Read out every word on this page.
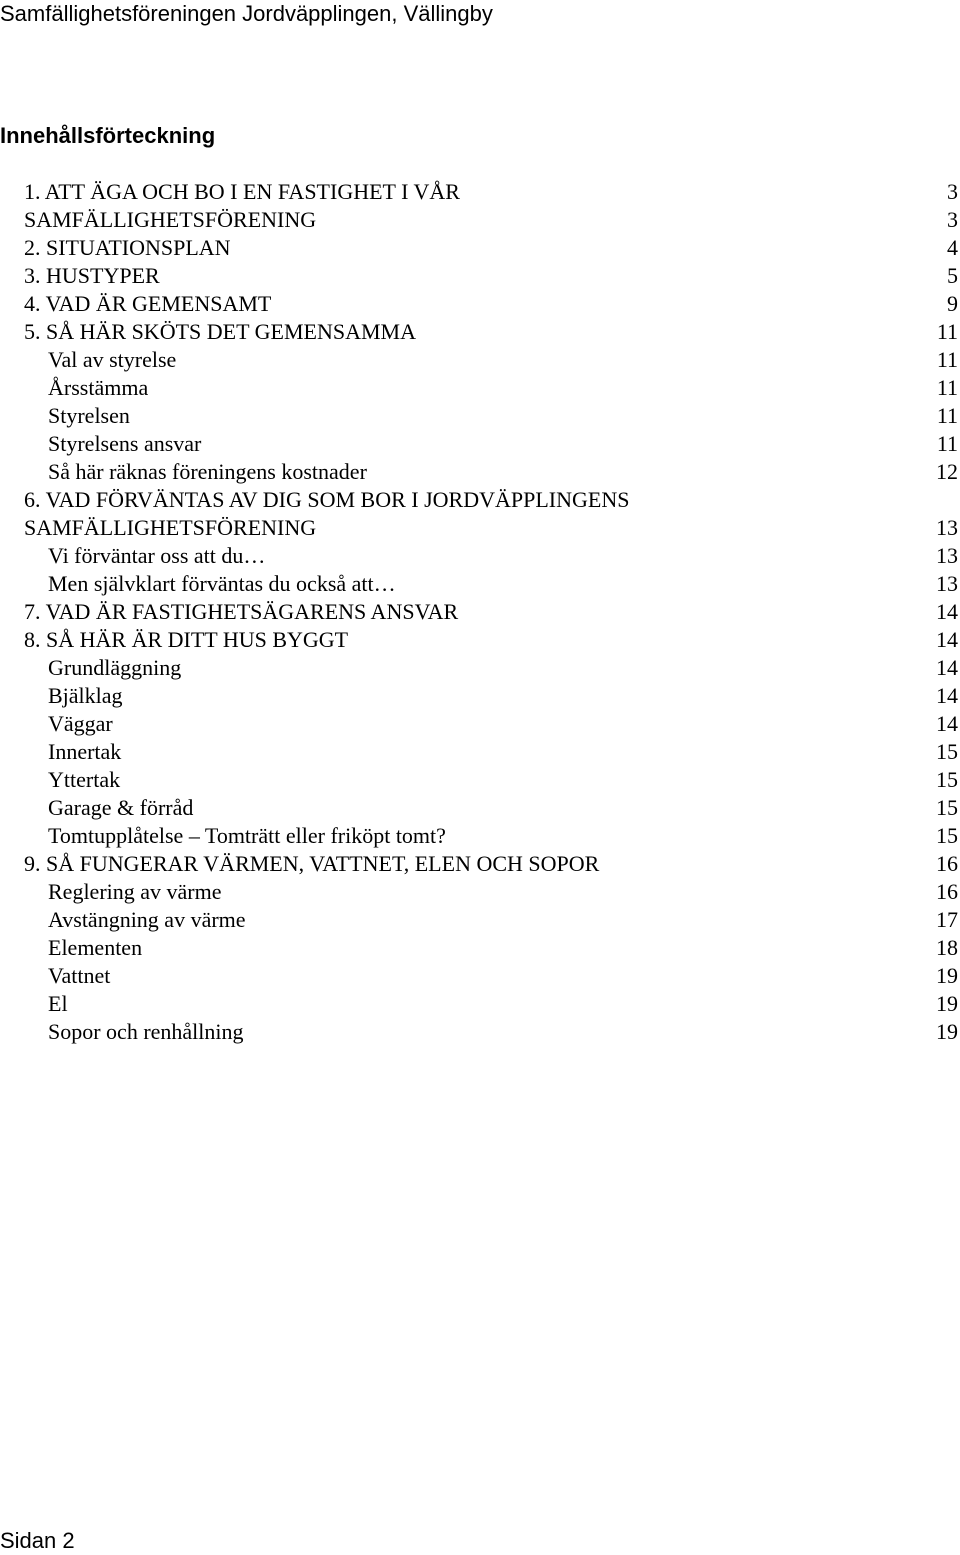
Samfällighetsföreningen Jordväpplingen, Vällingby
Innehållsförteckning
1. ATT ÄGA OCH BO I EN FASTIGHET I VÅR	3
SAMFÄLLIGHETSFÖRENING	3
2. SITUATIONSPLAN	4
3. HUSTYPER	5
4. VAD ÄR GEMENSAMT	9
5. SÅ HÄR SKÖTS DET GEMENSAMMA	11
Val av styrelse	11
Årsstämma	11
Styrelsen	11
Styrelsens ansvar	11
Så här räknas föreningens kostnader	12
6. VAD FÖRVÄNTAS AV DIG SOM BOR I JORDVÄPPLINGENS
SAMFÄLLIGHETSFÖRENING	13
Vi förväntar oss att du…	13
Men självklart förväntas du också att…	13
7. VAD ÄR FASTIGHETSÄGARENS ANSVAR	14
8. SÅ HÄR ÄR DITT HUS BYGGT	14
Grundläggning	14
Bjälklag	14
Väggar	14
Innertak	15
Yttertak	15
Garage & förråd	15
Tomtupplåtelse – Tomträtt eller friköpt tomt?	15
9. SÅ FUNGERAR VÄRMEN, VATTNET, ELEN OCH SOPOR	16
Reglering av värme	16
Avstängning av värme	17
Elementen	18
Vattnet	19
El	19
Sopor och renhållning	19
Sidan 2
